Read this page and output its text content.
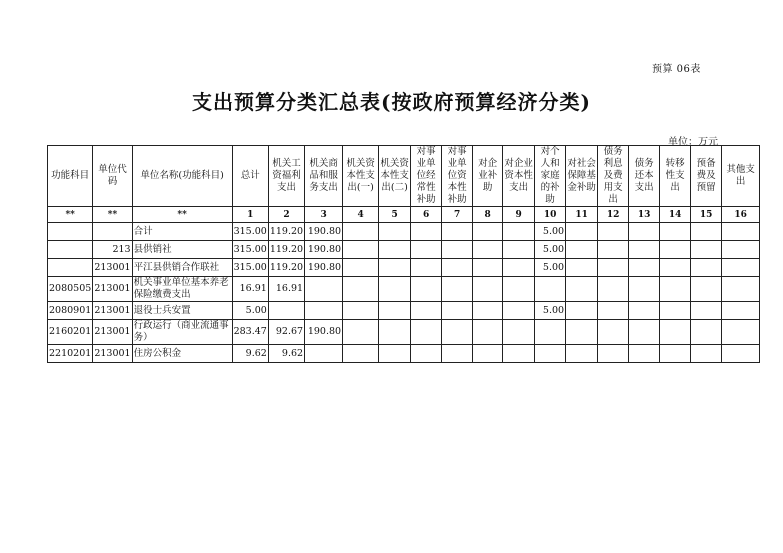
预算 06表
支出预算分类汇总表(按政府预算经济分类)
单位：万元
功能科目	单位代码	单位名称(功能科目)	总计	机关工资福利支出	机关商品和服务支出	机关资本性支出(一)	机关资本性支出(二)	对事业单位经常性补助	对事业单位资本性补助	对企业补助	对企业资本性支出	对个人和家庭的补助	对社会保障基金补助	债务利息及费用支出	债务还本支出	转移性支出	预备费及预留	其他支出
**	**	**	1	2	3	4	5	6	7	8	9	10	11	12	13	14	15	16
		合计	315.00	119.20	190.80							5.00						
	213	县供销社	315.00	119.20	190.80							5.00						
	213001	平江县供销合作联社	315.00	119.20	190.80							5.00						
2080505	213001	机关事业单位基本养老保险缴费支出	16.91	16.91														
2080901	213001	退役士兵安置	5.00									5.00						
2160201	213001	行政运行（商业流通事务）	283.47	92.67	190.80													
2210201	213001	住房公积金	9.62	9.62														
